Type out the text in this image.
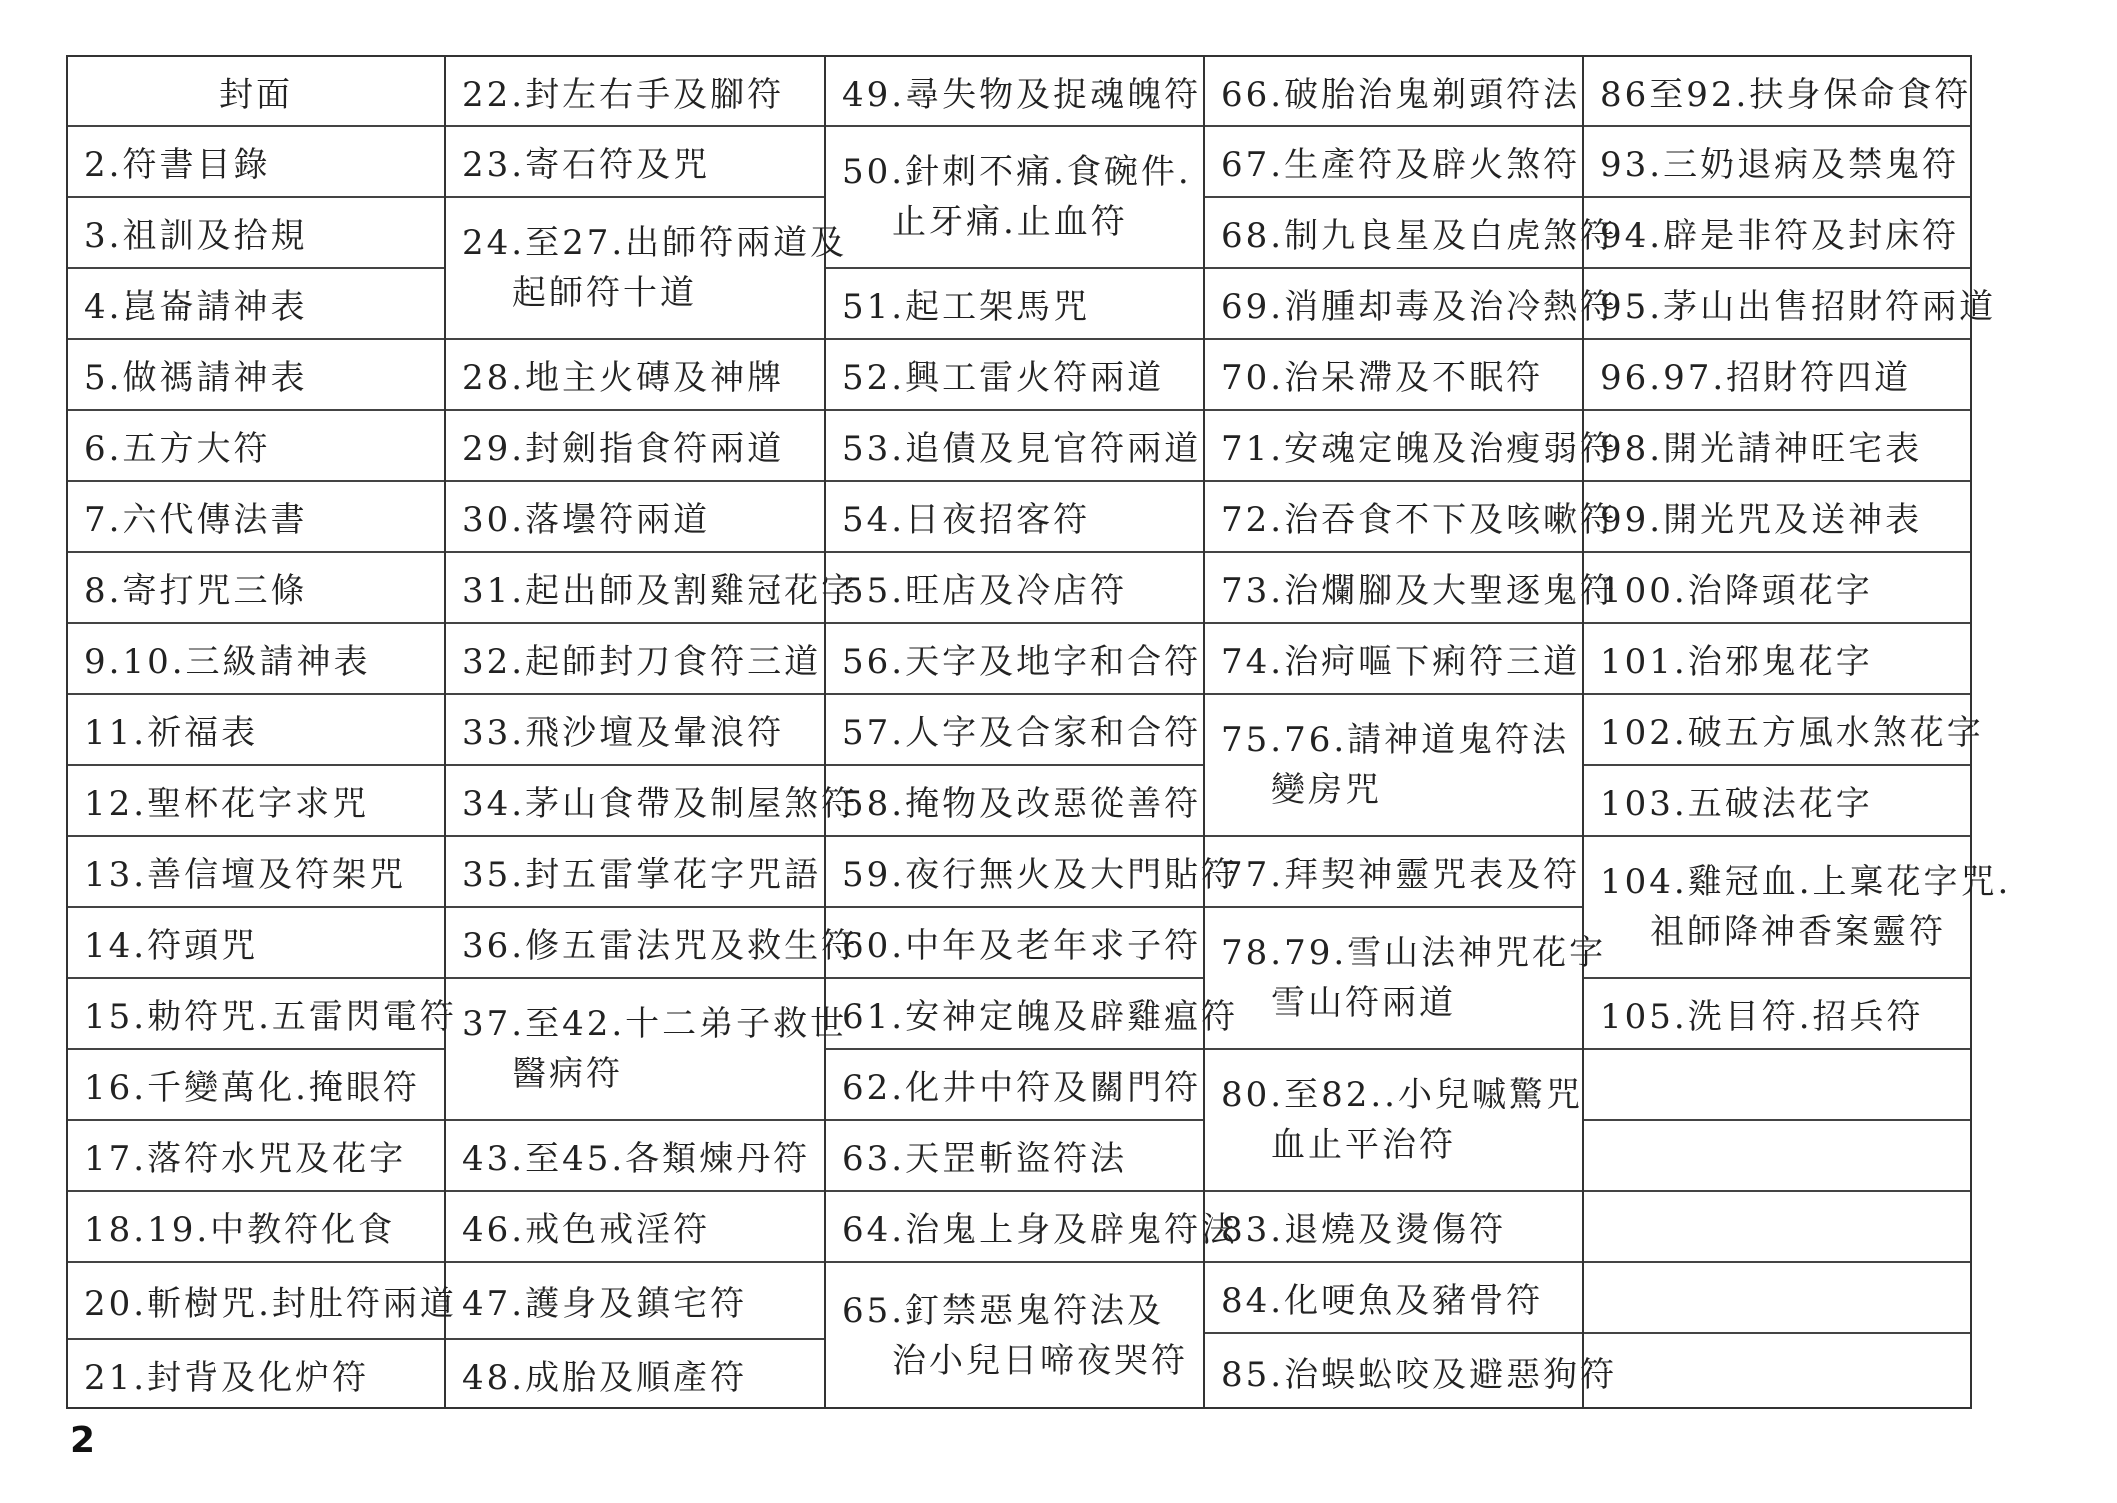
封面
2.符書目錄
3.祖訓及拾規
4.崑崙請神表
5.做禡請神表
6.五方大符
7.六代傳法書
8.寄打咒三條
9.10.三級請神表
11.祈福表
12.聖杯花字求咒
13.善信壇及符架咒
14.符頭咒
15.勅符咒.五雷閃電符
16.千變萬化.掩眼符
17.落符水咒及花字
18.19.中教符化食
20.斬樹咒.封肚符兩道
21.封背及化炉符
22.封左右手及腳符
23.寄石符及咒
24.至27.出師符兩道及
起師符十道
28.地主火磚及神牌
29.封劍指食符兩道
30.落壜符兩道
31.起出師及割雞冠花字
32.起師封刀食符三道
33.飛沙壇及暈浪符
34.茅山食帶及制屋煞符
35.封五雷掌花字咒語
36.修五雷法咒及救生符
37.至42.十二弟子救世
醫病符
43.至45.各類煉丹符
46.戒色戒淫符
47.護身及鎮宅符
48.成胎及順產符
49.尋失物及捉魂魄符
50.針刺不痛.食碗件.
止牙痛.止血符
51.起工架馬咒
52.興工雷火符兩道
53.追債及見官符兩道
54.日夜招客符
55.旺店及冷店符
56.天字及地字和合符
57.人字及合家和合符
58.掩物及改惡從善符
59.夜行無火及大門貼符
60.中年及老年求子符
61.安神定魄及辟雞瘟符
62.化井中符及關門符
63.天罡斬盜符法
64.治鬼上身及辟鬼符法
65.釘禁惡鬼符法及
治小兒日啼夜哭符
66.破胎治鬼剃頭符法
67.生產符及辟火煞符
68.制九良星及白虎煞符
69.消腫却毒及治冷熱符
70.治呆滯及不眠符
71.安魂定魄及治瘦弱符
72.治吞食不下及咳嗽符
73.治爛腳及大聖逐鬼符
74.治疴嘔下痢符三道
75.76.請神道鬼符法
變房咒
77.拜契神靈咒表及符
78.79.雪山法神咒花字
雪山符兩道
80.至82..小兒嘁驚咒
血止平治符
83.退燒及燙傷符
84.化哽魚及豬骨符
85.治蜈蚣咬及避惡狗符
86至92.扶身保命食符
93.三奶退病及禁鬼符
94.辟是非符及封床符
95.茅山出售招財符兩道
96.97.招財符四道
98.開光請神旺宅表
99.開光咒及送神表
100.治降頭花字
101.治邪鬼花字
102.破五方風水煞花字
103.五破法花字
104.雞冠血.上稟花字咒.
祖師降神香案靈符
105.洗目符.招兵符
2
